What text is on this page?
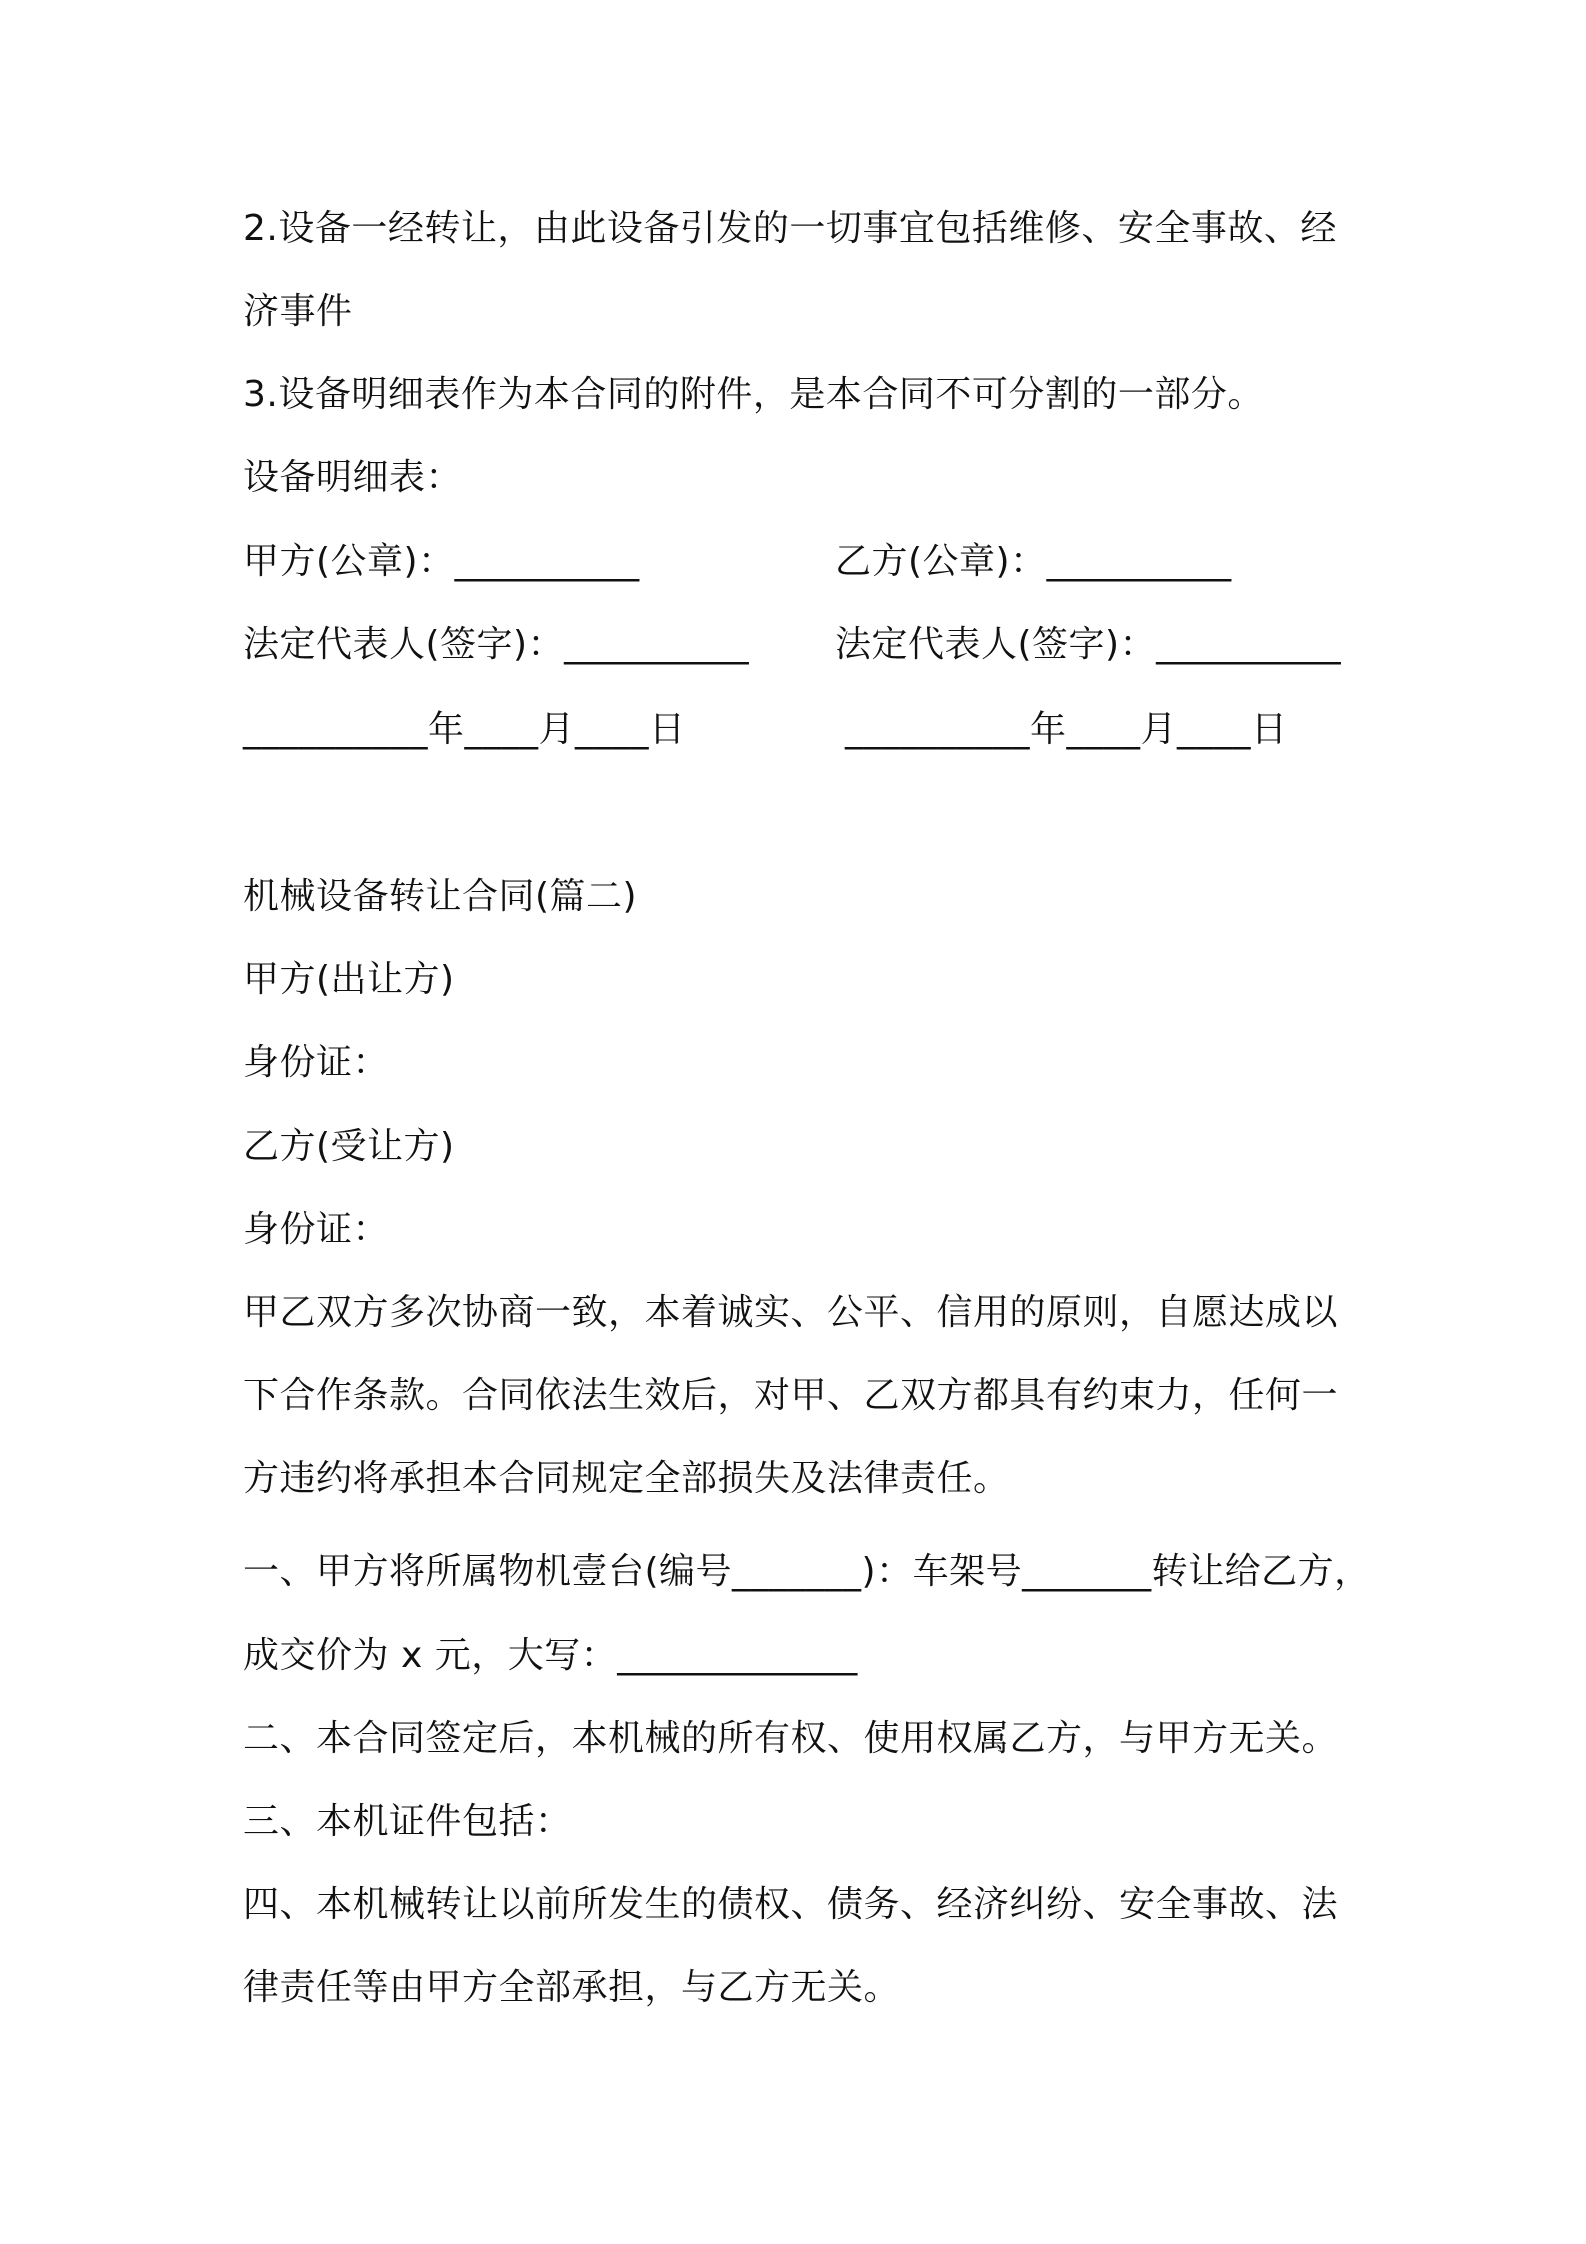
2.设备一经转让，由此设备引发的一切事宜包括维修、安全事故、经
济事件
3.设备明细表作为本合同的附件，是本合同不可分割的一部分。
设备明细表：
甲方(公章)：__________	乙方(公章)：__________
法定代表人(签字)：__________ 法定代表人(签字)：__________
__________年____月____日	__________年____月____日
机械设备转让合同(篇二)
甲方(出让方)
身份证：
乙方(受让方)
身份证：
甲乙双方多次协商一致，本着诚实、公平、信用的原则，自愿达成以
下合作条款。合同依法生效后，对甲、乙双方都具有约束力，任何一
方违约将承担本合同规定全部损失及法律责任。
一、甲方将所属物机壹台(编号_______)：车架号_______转让给乙方，
成交价为 x 元，大写：_____________
二、本合同签定后，本机械的所有权、使用权属乙方，与甲方无关。
三、本机证件包括：
四、本机械转让以前所发生的债权、债务、经济纠纷、安全事故、法
律责任等由甲方全部承担，与乙方无关。
